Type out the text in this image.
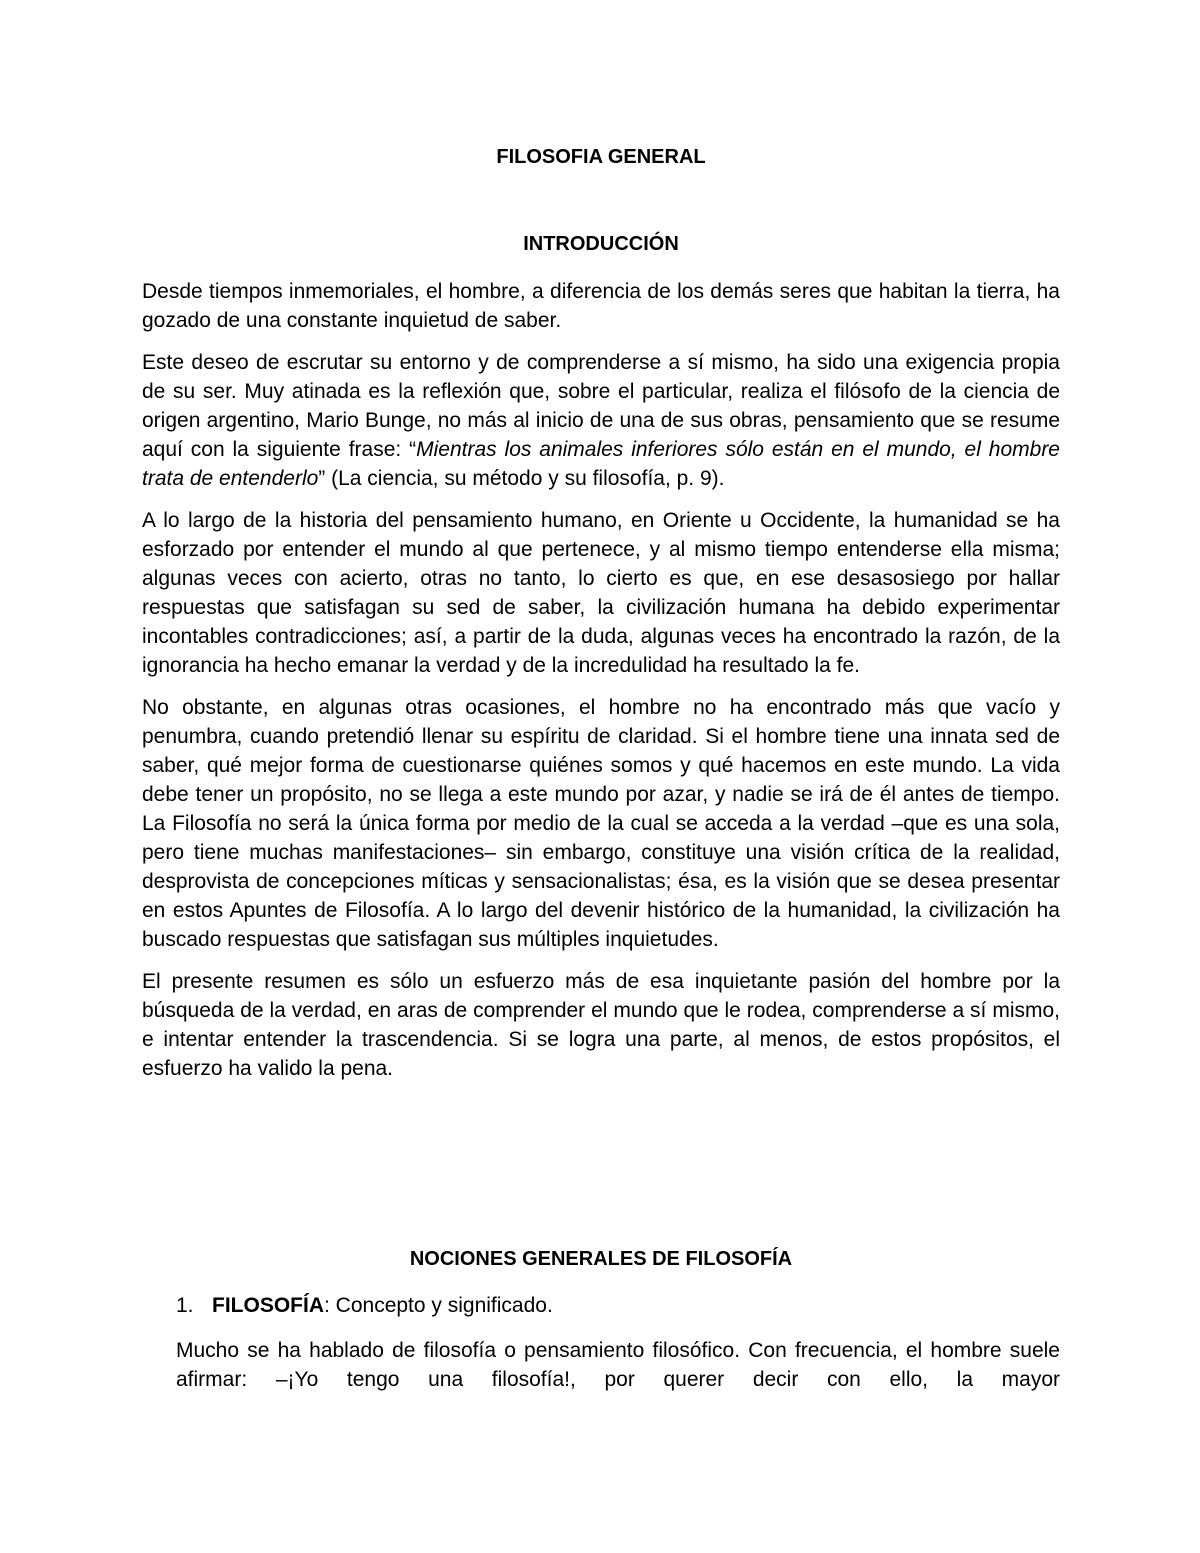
FILOSOFIA GENERAL
INTRODUCCIÓN

Desde tiempos inmemoriales, el hombre, a diferencia de los demás seres que habitan la tierra, ha gozado de una constante inquietud de saber.

Este deseo de escrutar su entorno y de comprenderse a sí mismo, ha sido una exigencia propia de su ser. Muy atinada es la reflexión que, sobre el particular, realiza el filósofo de la ciencia de origen argentino, Mario Bunge, no más al inicio de una de sus obras, pensamiento que se resume aquí con la siguiente frase: “Mientras los animales inferiores sólo están en el mundo, el hombre trata de entenderlo” (La ciencia, su método y su filosofía, p. 9).

A lo largo de la historia del pensamiento humano, en Oriente u Occidente, la humanidad se ha esforzado por entender el mundo al que pertenece, y al mismo tiempo entenderse ella misma; algunas veces con acierto, otras no tanto, lo cierto es que, en ese desasosiego por hallar respuestas que satisfagan su sed de saber, la civilización humana ha debido experimentar incontables contradicciones; así, a partir de la duda, algunas veces ha encontrado la razón, de la ignorancia ha hecho emanar la verdad y de la incredulidad ha resultado la fe.

No obstante, en algunas otras ocasiones, el hombre no ha encontrado más que vacío y penumbra, cuando pretendió llenar su espíritu de claridad. Si el hombre tiene una innata sed de saber, qué mejor forma de cuestionarse quiénes somos y qué hacemos en este mundo. La vida debe tener un propósito, no se llega a este mundo por azar, y nadie se irá de él antes de tiempo. La Filosofía no será la única forma por medio de la cual se acceda a la verdad –que es una sola, pero tiene muchas manifestaciones– sin embargo, constituye una visión crítica de la realidad, desprovista de concepciones míticas y sensacionalistas; ésa, es la visión que se desea presentar en estos Apuntes de Filosofía. A lo largo del devenir histórico de la humanidad, la civilización ha buscado respuestas que satisfagan sus múltiples inquietudes.

El presente resumen es sólo un esfuerzo más de esa inquietante pasión del hombre por la búsqueda de la verdad, en aras de comprender el mundo que le rodea, comprenderse a sí mismo, e intentar entender la trascendencia. Si se logra una parte, al menos, de estos propósitos, el esfuerzo ha valido la pena.

NOCIONES GENERALES DE FILOSOFÍA

1. FILOSOFÍA: Concepto y significado.

Mucho se ha hablado de filosofía o pensamiento filosófico. Con frecuencia, el hombre suele afirmar: –¡Yo tengo una filosofía!, por querer decir con ello, la mayor
